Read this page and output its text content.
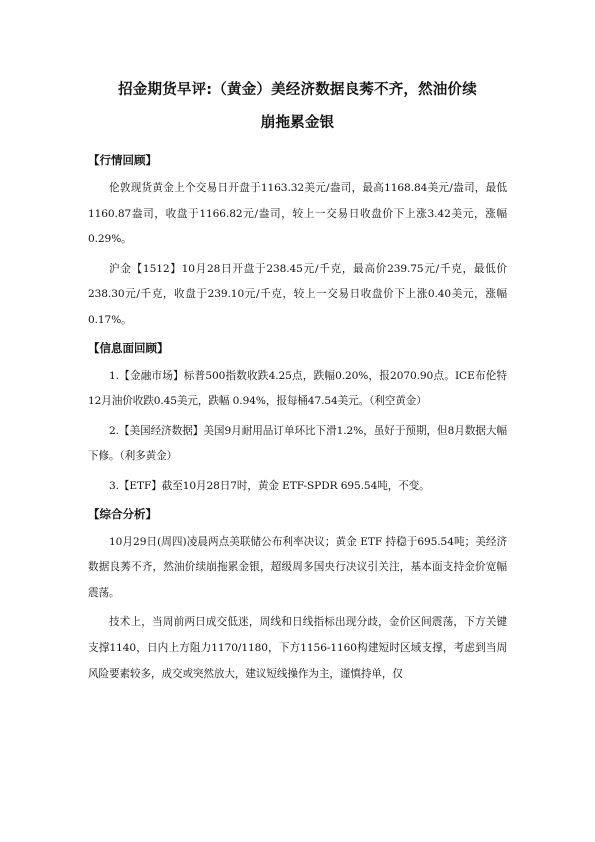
招金期货早评:（黄金）美经济数据良莠不齐，然油价续
崩拖累金银
【行情回顾】

伦敦现货黄金上个交易日开盘于1163.32美元/盎司，最高1168.84美元/盎司，最低1160.87盎司，收盘于1166.82元/盎司，较上一交易日收盘价下上涨3.42美元，涨幅0.29%。

沪金【1512】10月28日开盘于238.45元/千克，最高价239.75元/千克，最低价238.30元/千克，收盘于239.10元/千克，较上一交易日收盘价下上涨0.40美元，涨幅0.17%。

【信息面回顾】

1.【金融市场】标普500指数收跌4.25点，跌幅0.20%，报2070.90点。ICE布伦特12月油价收跌0.45美元，跌幅 0.94%，报每桶47.54美元。（利空黄金）

2.【美国经济数据】美国9月耐用品订单环比下滑1.2%，虽好于预期，但8月数据大幅下修。（利多黄金）

3.【ETF】截至10月28日7时，黄金 ETF-SPDR 695.54吨，不变。

【综合分析】

10月29日(周四)凌晨两点美联储公布利率决议；黄金 ETF 持稳于695.54吨；美经济数据良莠不齐，然油价续崩拖累金银，超级周多国央行决议引关注，基本面支持金价宽幅震荡。

技术上，当周前两日成交低迷，周线和日线指标出现分歧，金价区间震荡，下方关键支撑1140，日内上方阻力1170/1180，下方1156-1160构建短时区域支撑，考虑到当周风险要素较多，成交或突然放大，建议短线操作为主，谨慎持单，仅
